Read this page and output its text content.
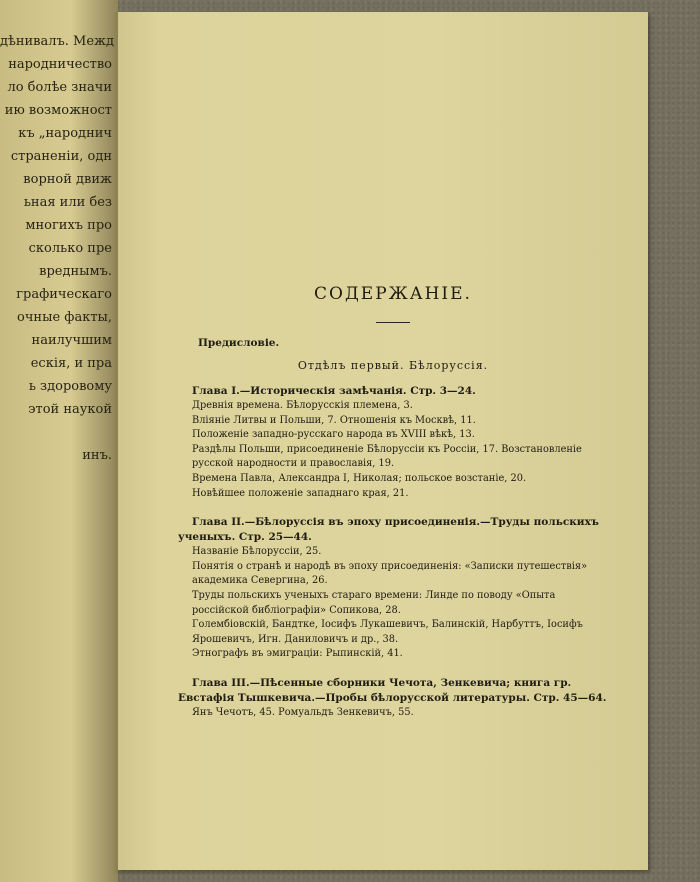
дѣнивалъ. Межд
народничество
ло болѣе значи
ию возможност
къ „народнич
страненіи, одн
ворной движ
ьная или без
многихъ про
сколько пре
вреднымъ.
графическаго
очные факты,
наилучшим
ескія, и пра
ь здоровому
этой наукой
инъ.
СОДЕРЖАНІЕ.
Предисловіе.
Отдѣлъ первый. Бѣлоруссія.
Глава I.—Историческія замѣчанія. Стр. 3—24.
Древнія времена. Бѣлорусскія племена, 3.
Вліяніе Литвы и Польши, 7. Отношенія къ Москвѣ, 11.
Положеніе западно-русскаго народа въ XVIII вѣкѣ, 13.
Раздѣлы Польши, присоединеніе Бѣлоруссіи къ Россіи, 17. Возстановленіе русской народности и православія, 19.
Времена Павла, Александра I, Николая; польское возстаніе, 20.
Новѣйшее положеніе западнаго края, 21.
Глава II.—Бѣлоруссія въ эпоху присоединенія.—Труды польскихъ ученыхъ. Стр. 25—44.
Названіе Бѣлоруссіи, 25.
Понятія о странѣ и народѣ въ эпоху присоединенія: «Записки путешествія» академика Севергина, 26.
Труды польскихъ ученыхъ стараго времени: Линде по поводу «Опыта россійской библіографіи» Сопикова, 28.
Голембіовскій, Бандтке, Іосифъ Лукашевичъ, Балинскій, Нарбуттъ, Іосифъ Ярошевичъ, Игн. Даниловичъ и др., 38.
Этнографъ въ эмиграціи: Рыпинскій, 41.
Глава III.—Пѣсенные сборники Чечота, Зенкевича; книга гр. Евстафія Тышкевича.—Пробы бѣлорусской литературы. Стр. 45—64.
Янъ Чечотъ, 45. Ромуальдъ Зенкевичъ, 55.
